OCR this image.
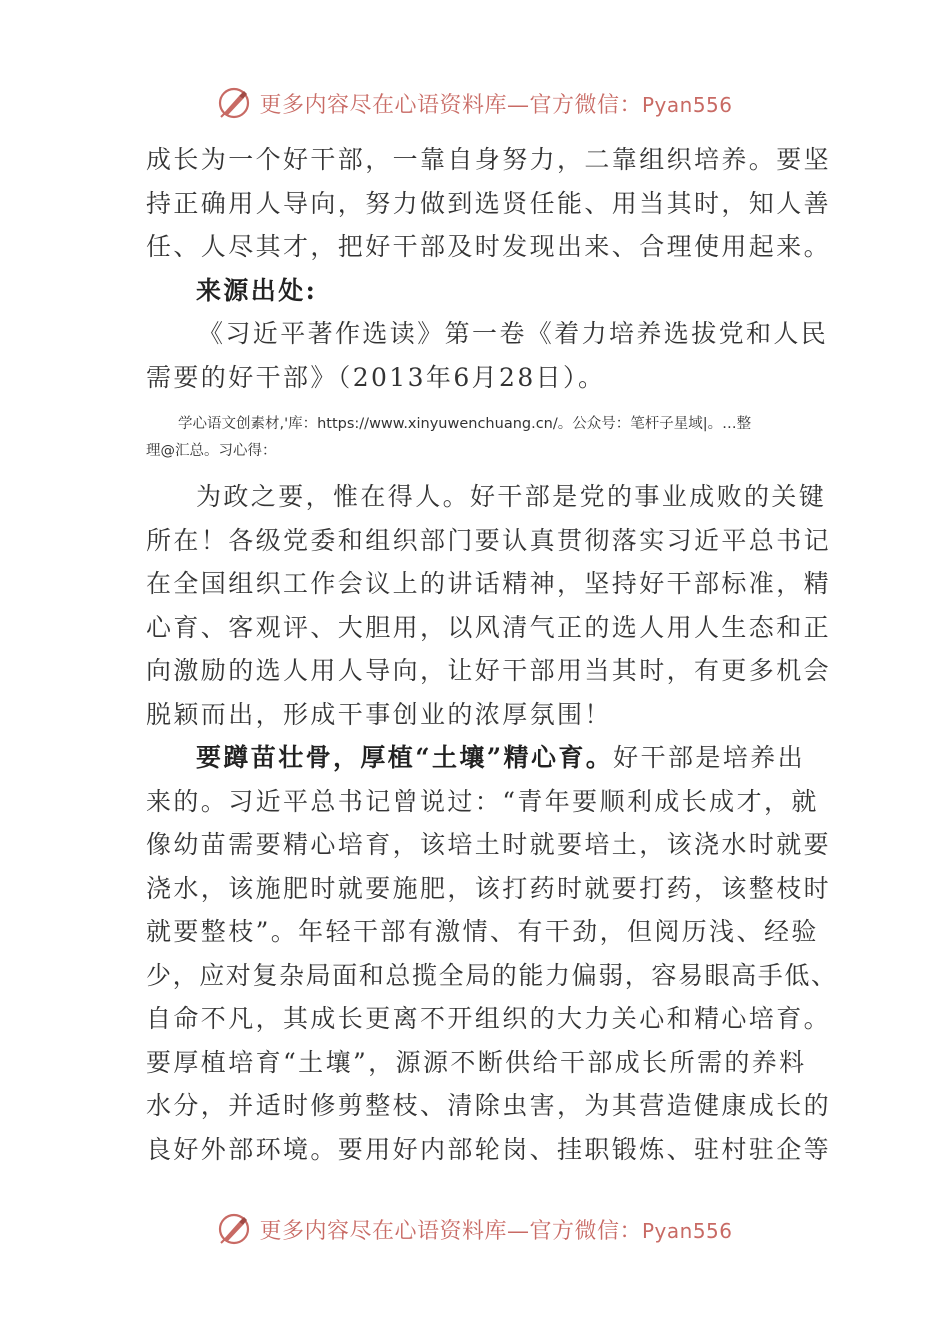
更多内容尽在心语资料库—官方微信：Pyan556
成长为一个好干部，一靠自身努力，二靠组织培养。要坚
持正确用人导向，努力做到选贤任能、用当其时，知人善
任、人尽其才，把好干部及时发现出来、合理使用起来。
来源出处:
《习近平著作选读》第一卷《着力培养选拔党和人民
需要的好干部》（2013年6月28日）。
学心语文创素材,'库：https://www.xinyuwenchuang.cn/。公众号：笔杆子星域|。…整
理@汇总。习心得：
为政之要，惟在得人。好干部是党的事业成败的关键
所在！各级党委和组织部门要认真贯彻落实习近平总书记
在全国组织工作会议上的讲话精神，坚持好干部标准，精
心育、客观评、大胆用，以风清气正的选人用人生态和正
向激励的选人用人导向，让好干部用当其时，有更多机会
脱颖而出，形成干事创业的浓厚氛围！
要蹲苗壮骨，厚植“土壤”精心育。好干部是培养出
来的。习近平总书记曾说过：“青年要顺利成长成才，就
像幼苗需要精心培育，该培土时就要培土，该浇水时就要
浇水，该施肥时就要施肥，该打药时就要打药，该整枝时
就要整枝”。年轻干部有激情、有干劲，但阅历浅、经验
少，应对复杂局面和总揽全局的能力偏弱，容易眼高手低、
自命不凡，其成长更离不开组织的大力关心和精心培育。
要厚植培育“土壤”，源源不断供给干部成长所需的养料
水分，并适时修剪整枝、清除虫害，为其营造健康成长的
良好外部环境。要用好内部轮岗、挂职锻炼、驻村驻企等
更多内容尽在心语资料库—官方微信：Pyan556
